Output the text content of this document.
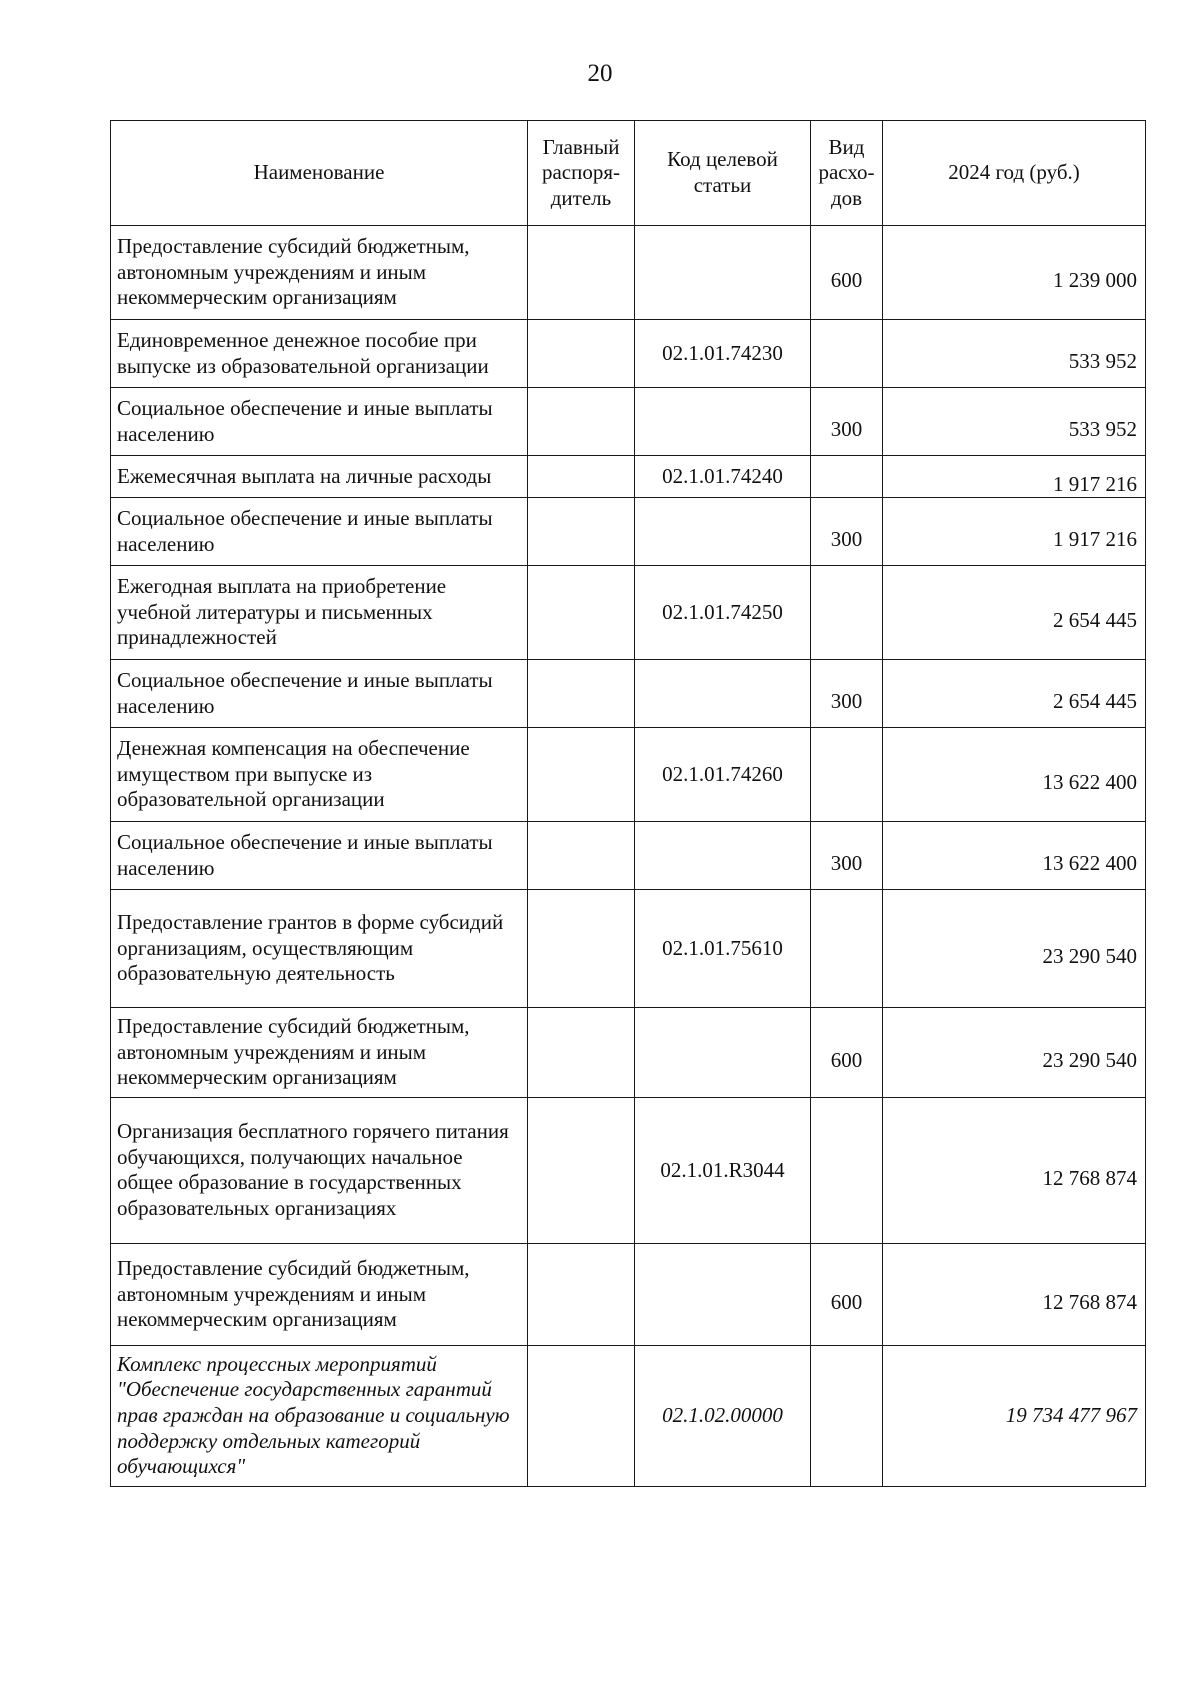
20
Наименование	Главный распоря-дитель	Код целевой статьи	Вид расхо-дов	2024 год (руб.)
Предоставление субсидий бюджетным, автономным учреждениям и иным некоммерческим организациям			600	1 239 000
Единовременное денежное пособие при выпуске из образовательной организации		02.1.01.74230		533 952
Социальное обеспечение и иные выплаты населению			300	533 952
Ежемесячная выплата на личные расходы		02.1.01.74240		1 917 216
Социальное обеспечение и иные выплаты населению			300	1 917 216
Ежегодная выплата на приобретение учебной литературы и письменных принадлежностей		02.1.01.74250		2 654 445
Социальное обеспечение и иные выплаты населению			300	2 654 445
Денежная компенсация на обеспечение имуществом при выпуске из образовательной организации		02.1.01.74260		13 622 400
Социальное обеспечение и иные выплаты населению			300	13 622 400
Предоставление грантов в форме субсидий организациям, осуществляющим образовательную деятельность		02.1.01.75610		23 290 540
Предоставление субсидий бюджетным, автономным учреждениям и иным некоммерческим организациям			600	23 290 540
Организация бесплатного горячего питания обучающихся, получающих начальное общее образование в государственных образовательных организациях		02.1.01.R3044		12 768 874
Предоставление субсидий бюджетным, автономным учреждениям и иным некоммерческим организациям			600	12 768 874
Комплекс процессных мероприятий "Обеспечение государственных гарантий прав граждан на образование и социальную поддержку отдельных категорий обучающихся"		02.1.02.00000		19 734 477 967
